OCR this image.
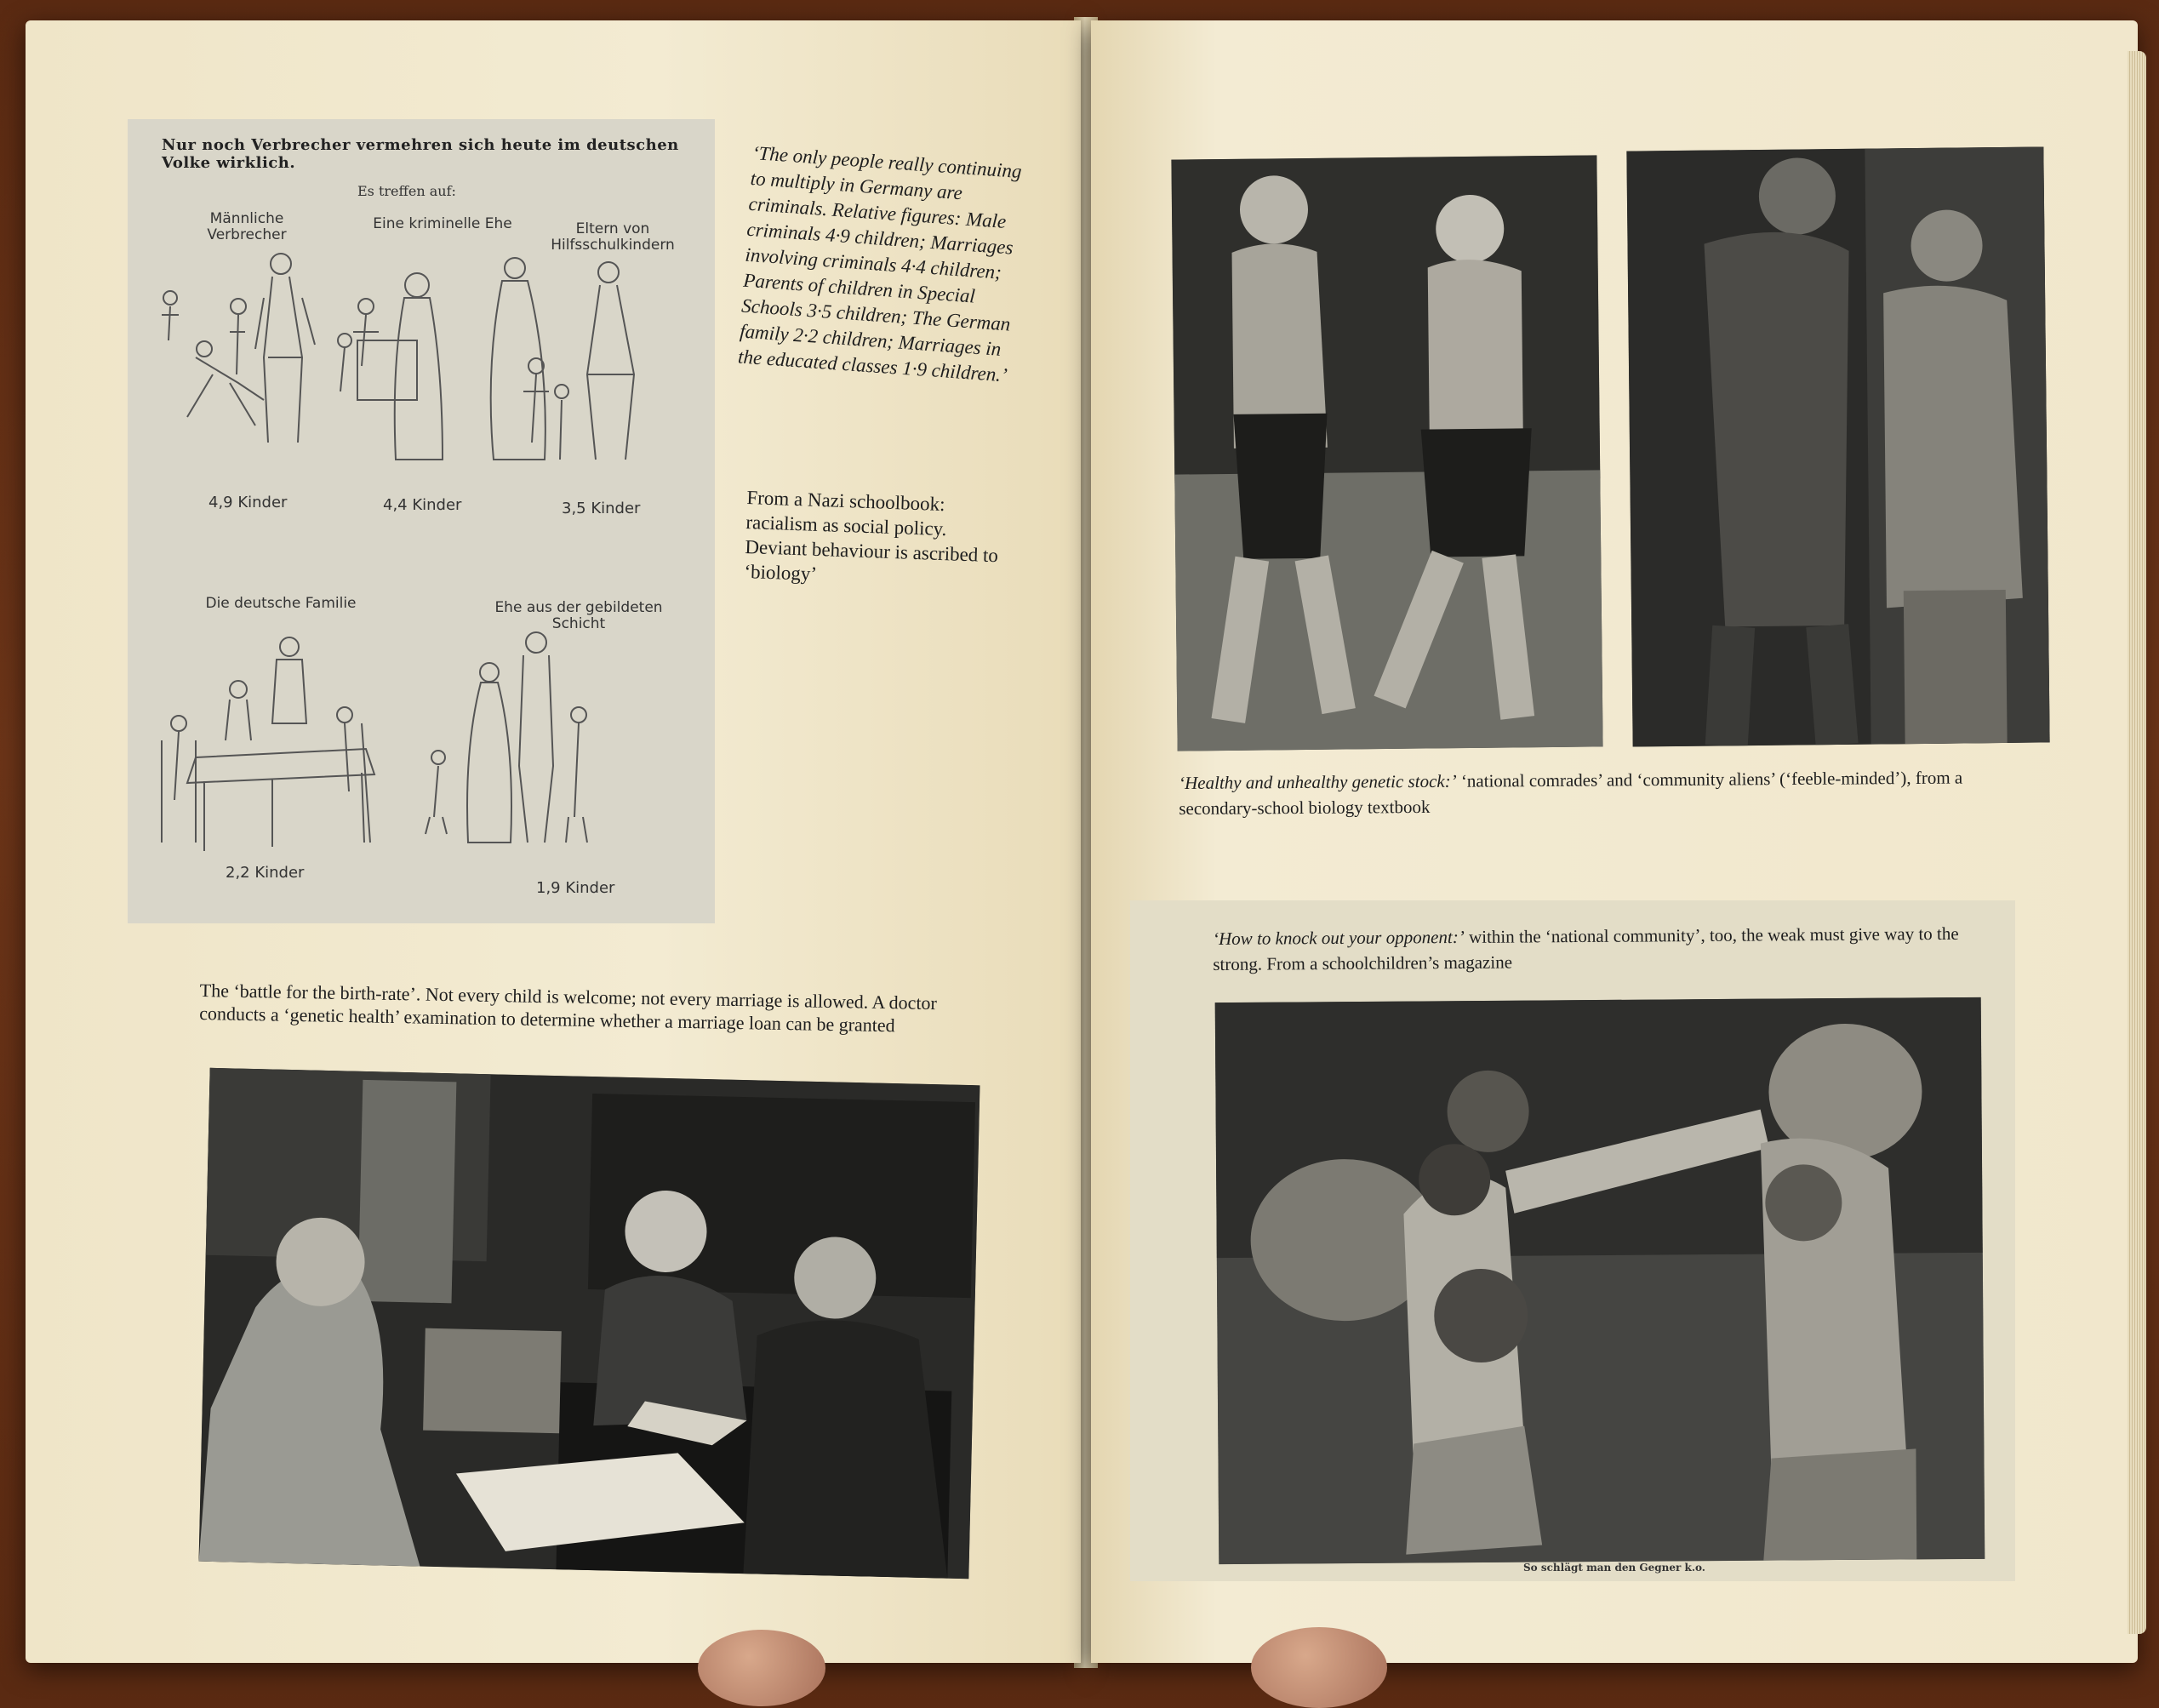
Nur noch Verbrecher vermehren sich heute im deutschen Volke wirklich.
Es treffen auf:
Männliche Verbrecher
Eine kriminelle Ehe	Eltern von Hilfsschulkindern
Die deutsche Familie	Ehe aus der gebildeten Schicht
4,9 Kinder	4,4 Kinder	3,5 Kinder
2,2 Kinder
1,9 Kinder
‘The only people really continuing to multiply in Germany are criminals. Relative figures: Male criminals 4·9 children; Marriages involving criminals 4·4 children; Parents of children in Special Schools 3·5 children; The German family 2·2 children; Marriages in the educated classes 1·9 children.’
From a Nazi schoolbook: racialism as social policy. Deviant behaviour is ascribed to ‘biology’
The ‘battle for the birth-rate’. Not every child is welcome; not every marriage is allowed. A doctor conducts a ‘genetic health’ examination to determine whether a marriage loan can be granted
‘Healthy and unhealthy genetic stock:’ ‘national comrades’ and ‘community aliens’ (‘feeble-minded’), from a secondary-school biology textbook
‘How to knock out your opponent:’ within the ‘national community’, too, the weak must give way to the strong. From a schoolchildren’s magazine
So schlägt man den Gegner k.o.
